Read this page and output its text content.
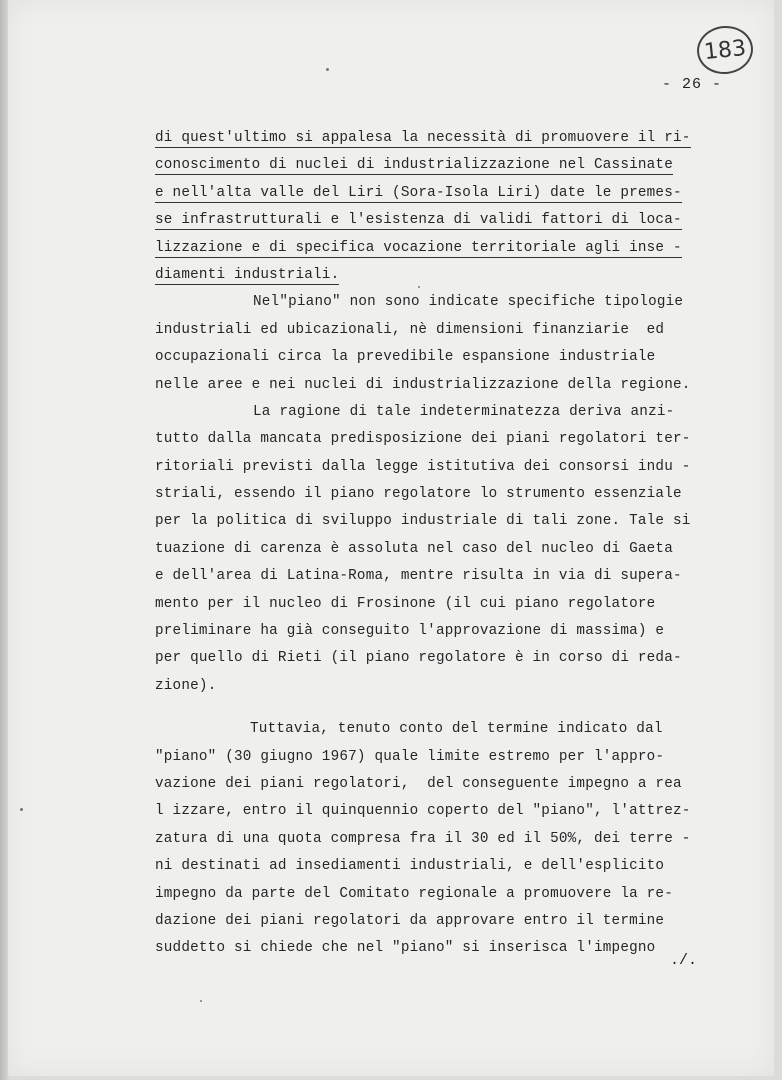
183
- 26 -
di quest'ultimo si appalesa la necessità di promuovere il ri-
conoscimento di nuclei di industrializzazione nel Cassinate
e nell'alta valle del Liri (Sora-Isola Liri) date le premes-
se infrastrutturali e l'esistenza di validi fattori di loca-
lizzazione e di specifica vocazione territoriale agli inse -
diamenti industriali.
Nel"piano" non sono indicate specifiche tipologie
industriali ed ubicazionali, nè dimensioni finanziarie  ed
occupazionali circa la prevedibile espansione industriale
nelle aree e nei nuclei di industrializzazione della regione.
La ragione di tale indeterminatezza deriva anzi-
tutto dalla mancata predisposizione dei piani regolatori ter-
ritoriali previsti dalla legge istitutiva dei consorsi indu -
striali, essendo il piano regolatore lo strumento essenziale
per la politica di sviluppo industriale di tali zone. Tale si
tuazione di carenza è assoluta nel caso del nucleo di Gaeta
e dell'area di Latina-Roma, mentre risulta in via di supera-
mento per il nucleo di Frosinone (il cui piano regolatore
preliminare ha già conseguito l'approvazione di massima) e
per quello di Rieti (il piano regolatore è in corso di reda-
zione).
Tuttavia, tenuto conto del termine indicato dal
"piano" (30 giugno 1967) quale limite estremo per l'appro-
vazione dei piani regolatori,  del conseguente impegno a rea
l izzare, entro il quinquennio coperto del "piano", l'attrez-
zatura di una quota compresa fra il 30 ed il 50%, dei terre -
ni destinati ad insediamenti industriali, e dell'esplicito
impegno da parte del Comitato regionale a promuovere la re-
dazione dei piani regolatori da approvare entro il termine
suddetto si chiede che nel "piano" si inserisca l'impegno
./.
